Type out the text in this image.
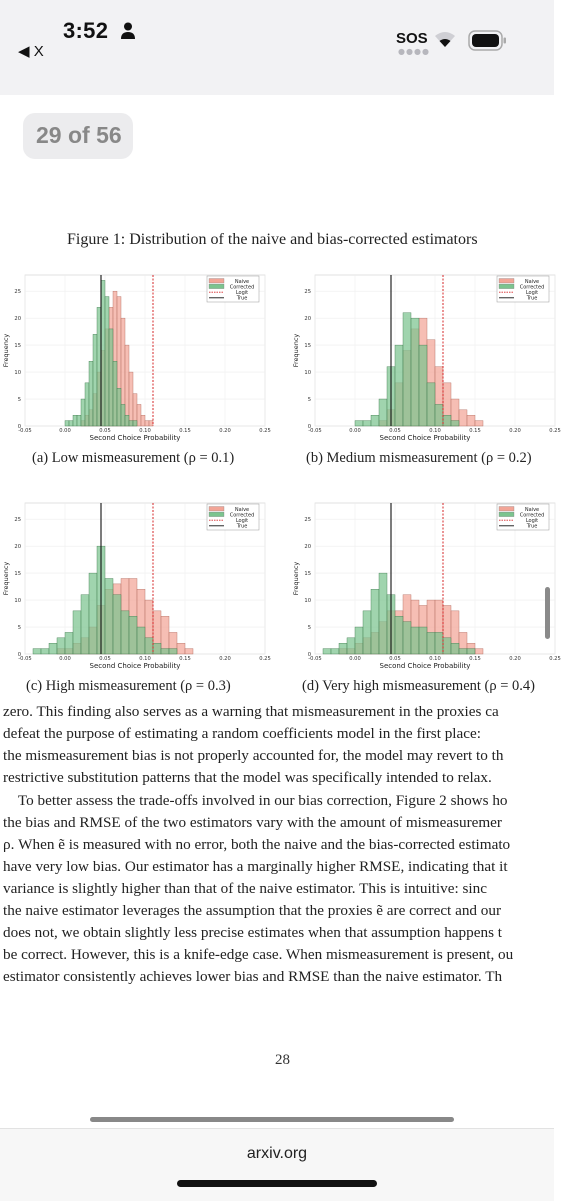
3:52
◀ X
SOS
●●●●
29 of 56
Figure 1: Distribution of the naive and bias-corrected estimators
-0.05	0.00	0.05	0.10	0.15	0.20	0.25
0
5
10
15
20
25
Second Choice Probability
Frequency
Naive
Corrected
Logit
True
-0.05	0.00	0.05	0.10	0.15	0.20	0.25
0
5
10
15
20
25
Second Choice Probability
Frequency
Naive
Corrected
Logit
True
-0.05	0.00	0.05	0.10	0.15	0.20	0.25
0
5
10
15
20
25
Second Choice Probability
Frequency
Naive
Corrected
Logit
True
-0.05	0.00	0.05	0.10	0.15	0.20	0.25
0
5
10
15
20
25
Second Choice Probability
Frequency
Naive
Corrected
Logit
True
(a) Low mismeasurement (ρ = 0.1)	(b) Medium mismeasurement (ρ = 0.2)
(c) High mismeasurement (ρ = 0.3)	(d) Very high mismeasurement (ρ = 0.4)
zero. This finding also serves as a warning that mismeasurement in the proxies ca
defeat the purpose of estimating a random coefficients model in the first place:
the mismeasurement bias is not properly accounted for, the model may revert to th
restrictive substitution patterns that the model was specifically intended to relax.
To better assess the trade-offs involved in our bias correction, Figure 2 shows ho
the bias and RMSE of the two estimators vary with the amount of mismeasuremer
ρ. When ẽ is measured with no error, both the naive and the bias-corrected estimato
have very low bias. Our estimator has a marginally higher RMSE, indicating that it
variance is slightly higher than that of the naive estimator. This is intuitive: sinc
the naive estimator leverages the assumption that the proxies ẽ are correct and our
does not, we obtain slightly less precise estimates when that assumption happens t
be correct. However, this is a knife-edge case. When mismeasurement is present, ou
estimator consistently achieves lower bias and RMSE than the naive estimator. Th
28
arxiv.org
